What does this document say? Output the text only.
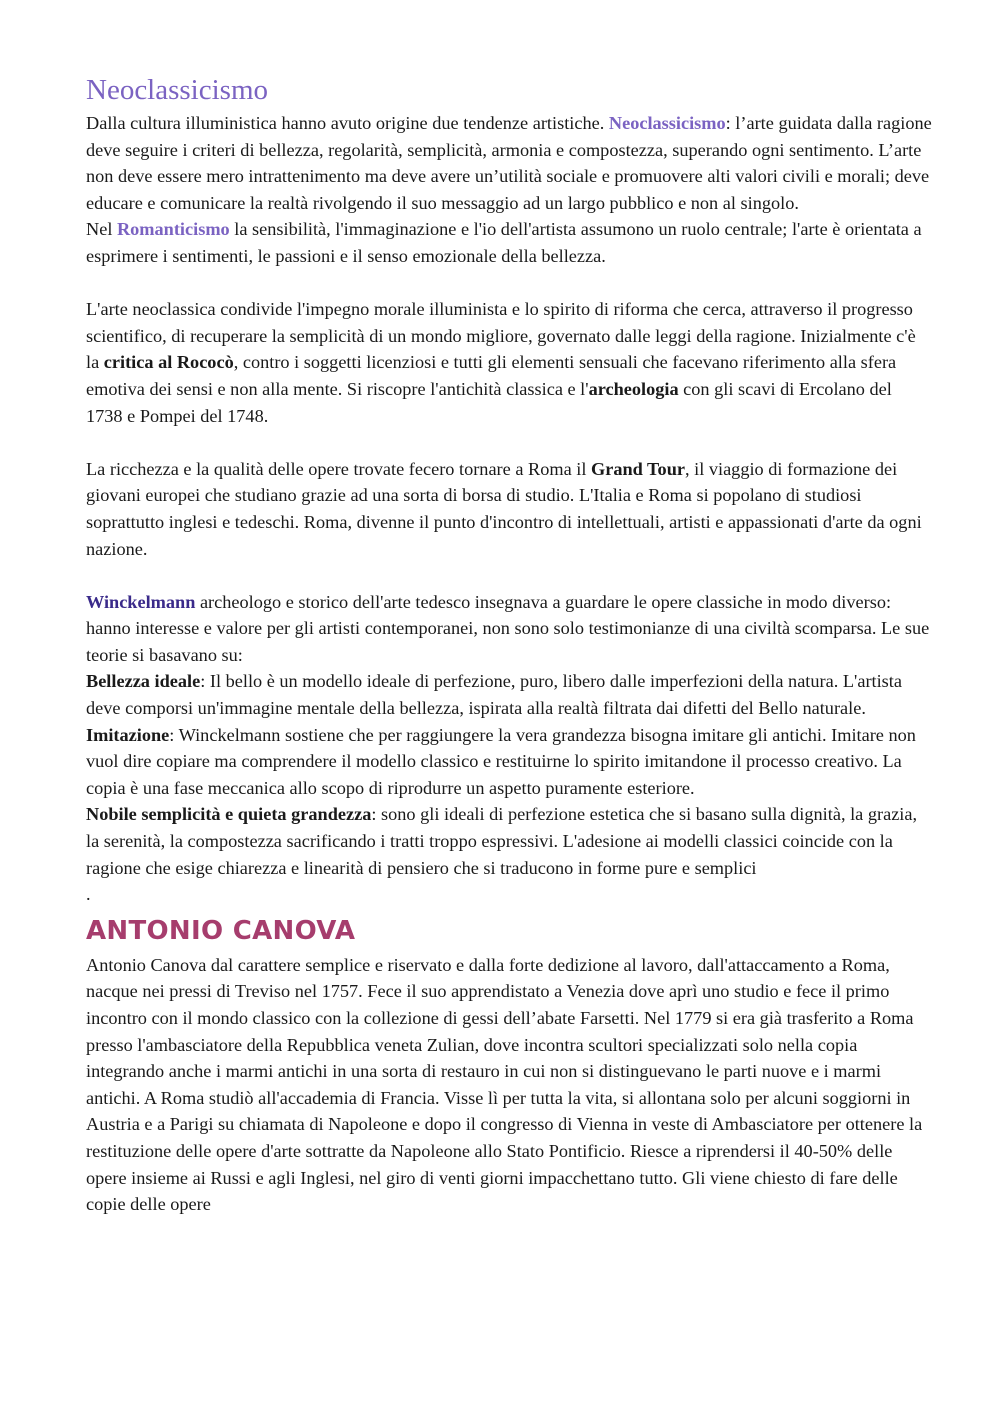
Neoclassicismo

Dalla cultura illuministica hanno avuto origine due tendenze artistiche. Neoclassicismo: l’arte guidata dalla ragione deve seguire i criteri di bellezza, regolarità, semplicità, armonia e compostezza, superando ogni sentimento. L’arte non deve essere mero intrattenimento ma deve avere un’utilità sociale e promuovere alti valori civili e morali; deve educare e comunicare la realtà rivolgendo il suo messaggio ad un largo pubblico e non al singolo.

Nel Romanticismo la sensibilità, l'immaginazione e l'io dell'artista assumono un ruolo centrale; l'arte è orientata a esprimere i sentimenti, le passioni e il senso emozionale della bellezza.

L'arte neoclassica condivide l'impegno morale illuminista e lo spirito di riforma che cerca, attraverso il progresso scientifico, di recuperare la semplicità di un mondo migliore, governato dalle leggi della ragione. Inizialmente c'è la critica al Rococò, contro i soggetti licenziosi e tutti gli elementi sensuali che facevano riferimento alla sfera emotiva dei sensi e non alla mente. Si riscopre l'antichità classica e l'archeologia con gli scavi di Ercolano del 1738 e Pompei del 1748.

La ricchezza e la qualità delle opere trovate fecero tornare a Roma il Grand Tour, il viaggio di formazione dei giovani europei che studiano grazie ad una sorta di borsa di studio. L'Italia e Roma si popolano di studiosi soprattutto inglesi e tedeschi. Roma, divenne il punto d'incontro di intellettuali, artisti e appassionati d'arte da ogni nazione.

Winckelmann archeologo e storico dell'arte tedesco insegnava a guardare le opere classiche in modo diverso: hanno interesse e valore per gli artisti contemporanei, non sono solo testimonianze di una civiltà scomparsa. Le sue teorie si basavano su:

Bellezza ideale: Il bello è un modello ideale di perfezione, puro, libero dalle imperfezioni della natura. L'artista deve comporsi un'immagine mentale della bellezza, ispirata alla realtà filtrata dai difetti del Bello naturale.

Imitazione: Winckelmann sostiene che per raggiungere la vera grandezza bisogna imitare gli antichi. Imitare non vuol dire copiare ma comprendere il modello classico e restituirne lo spirito imitandone il processo creativo. La copia è una fase meccanica allo scopo di riprodurre un aspetto puramente esteriore.

Nobile semplicità e quieta grandezza: sono gli ideali di perfezione estetica che si basano sulla dignità, la grazia, la serenità, la compostezza sacrificando i tratti troppo espressivi. L'adesione ai modelli classici coincide con la ragione che esige chiarezza e linearità di pensiero che si traducono in forme pure e semplici

.

ANTONIO CANOVA

Antonio Canova dal carattere semplice e riservato e dalla forte dedizione al lavoro, dall'attaccamento a Roma, nacque nei pressi di Treviso nel 1757. Fece il suo apprendistato a Venezia dove aprì uno studio e fece il primo incontro con il mondo classico con la collezione di gessi dell’abate Farsetti. Nel 1779 si era già trasferito a Roma presso l'ambasciatore della Repubblica veneta Zulian, dove incontra scultori specializzati solo nella copia integrando anche i marmi antichi in una sorta di restauro in cui non si distinguevano le parti nuove e i marmi antichi. A Roma studiò all'accademia di Francia. Visse lì per tutta la vita, si allontana solo per alcuni soggiorni in Austria e a Parigi su chiamata di Napoleone e dopo il congresso di Vienna in veste di Ambasciatore per ottenere la restituzione delle opere d'arte sottratte da Napoleone allo Stato Pontificio. Riesce a riprendersi il 40-50% delle opere insieme ai Russi e agli Inglesi, nel giro di venti giorni impacchettano tutto. Gli viene chiesto di fare delle copie delle opere
